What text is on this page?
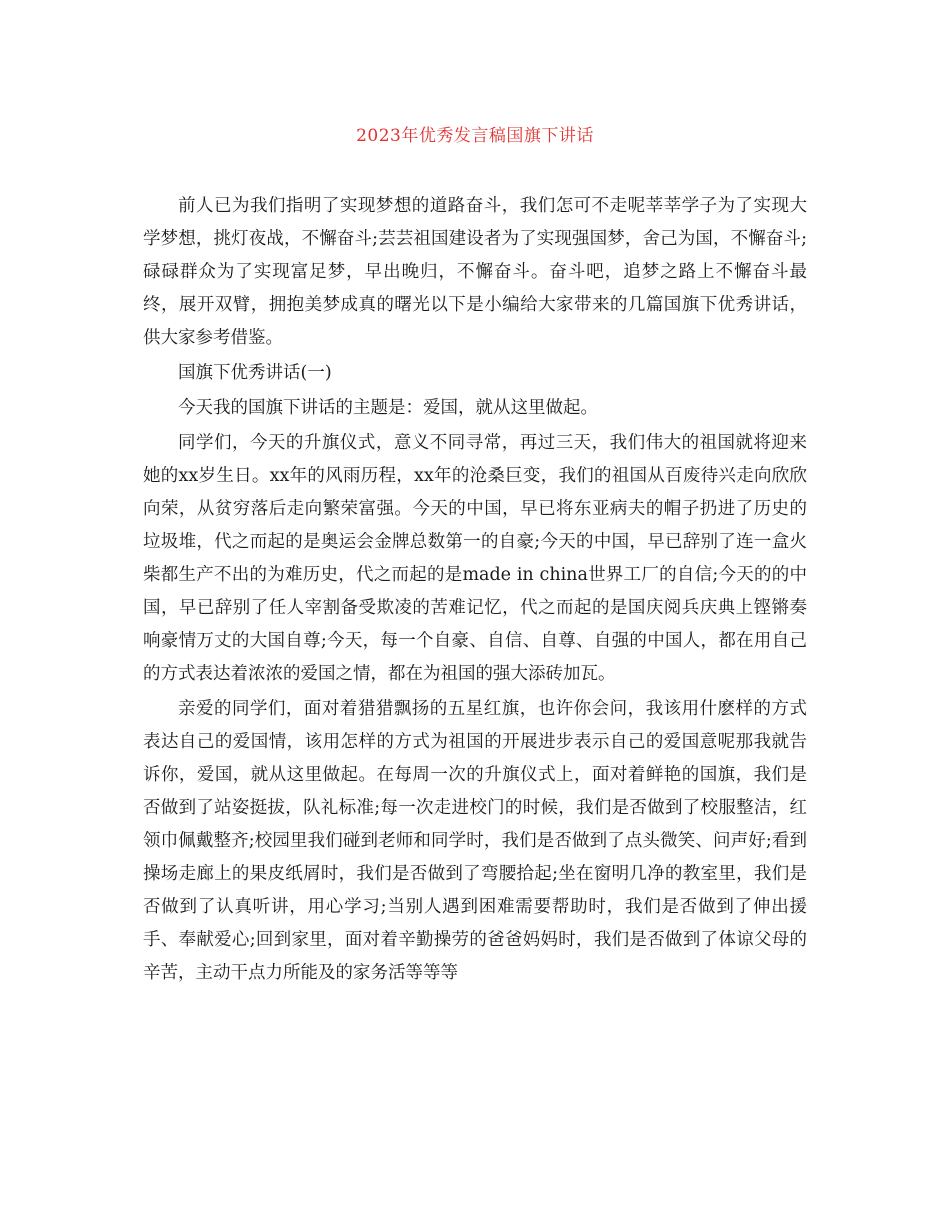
2023年优秀发言稿国旗下讲话

前人已为我们指明了实现梦想的道路奋斗，我们怎可不走呢莘莘学子为了实现大学梦想，挑灯夜战，不懈奋斗;芸芸祖国建设者为了实现强国梦，舍己为国，不懈奋斗;碌碌群众为了实现富足梦，早出晚归，不懈奋斗。奋斗吧，追梦之路上不懈奋斗最终，展开双臂，拥抱美梦成真的曙光以下是小编给大家带来的几篇国旗下优秀讲话，供大家参考借鉴。

国旗下优秀讲话(一)

今天我的国旗下讲话的主题是：爱国，就从这里做起。

同学们，今天的升旗仪式，意义不同寻常，再过三天，我们伟大的祖国就将迎来她的xx岁生日。xx年的风雨历程，xx年的沧桑巨变，我们的祖国从百废待兴走向欣欣向荣，从贫穷落后走向繁荣富强。今天的中国，早已将东亚病夫的帽子扔进了历史的垃圾堆，代之而起的是奥运会金牌总数第一的自豪;今天的中国，早已辞别了连一盒火柴都生产不出的为难历史，代之而起的是made in china世界工厂的自信;今天的的中国，早已辞别了任人宰割备受欺凌的苦难记忆，代之而起的是国庆阅兵庆典上铿锵奏响豪情万丈的大国自尊;今天，每一个自豪、自信、自尊、自强的中国人，都在用自己的方式表达着浓浓的爱国之情，都在为祖国的强大添砖加瓦。

亲爱的同学们，面对着猎猎飘扬的五星红旗，也许你会问，我该用什麽样的方式表达自己的爱国情，该用怎样的方式为祖国的开展进步表示自己的爱国意呢那我就告诉你，爱国，就从这里做起。在每周一次的升旗仪式上，面对着鲜艳的国旗，我们是否做到了站姿挺拔，队礼标准;每一次走进校门的时候，我们是否做到了校服整洁，红领巾佩戴整齐;校园里我们碰到老师和同学时，我们是否做到了点头微笑、问声好;看到操场走廊上的果皮纸屑时，我们是否做到了弯腰拾起;坐在窗明几净的教室里，我们是否做到了认真听讲，用心学习;当别人遇到困难需要帮助时，我们是否做到了伸出援手、奉献爱心;回到家里，面对着辛勤操劳的爸爸妈妈时，我们是否做到了体谅父母的辛苦，主动干点力所能及的家务活等等等
